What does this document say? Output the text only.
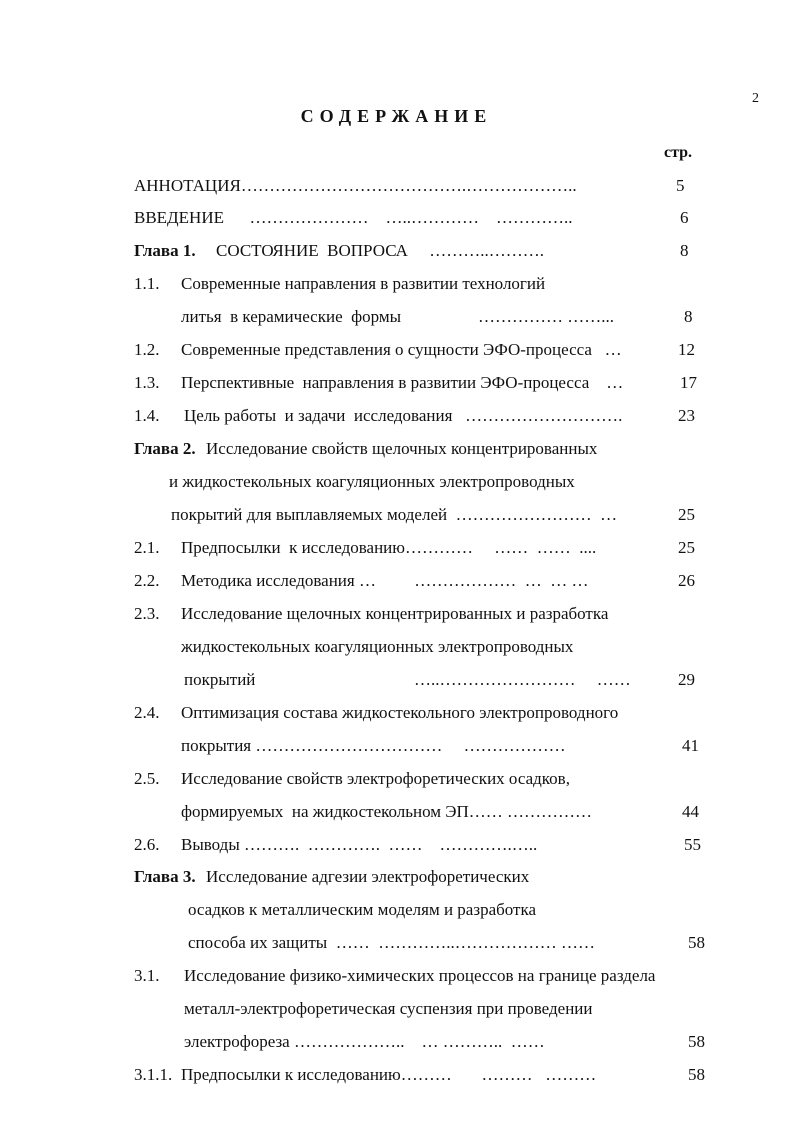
2
СОДЕРЖАНИЕ
стр.
АННОТАЦИЯ………………………………….………………..	5
ВВЕДЕНИЕ      …………………    …..…………    …………..	6
Глава 1. СОСТОЯНИЕ  ВОПРОСА     ………..……….	8
1.1. Современные направления в развитии технологий
литья  в керамические  формы	…………… ……...	8
1.2. Современные представления о сущности ЭФО-процесса   …	12
1.3. Перспективные  направления в развитии ЭФО-процесса    …	17
1.4. Цель работы  и задачи  исследования   ……………………….	23
Глава 2. Исследование свойств щелочных концентрированных
и жидкостекольных коагуляционных электропроводных
покрытий для выплавляемых моделей  ……………………  …	25
2.1. Предпосылки  к исследованию…………     ……  ……  ....	25
2.2. Методика исследования …         ………………  …  … …	26
2.3. Исследование щелочных концентрированных и разработка
жидкостекольных коагуляционных электропроводных
покрытий	…..……………………     ……	29
2.4. Оптимизация состава жидкостекольного электропроводного
покрытия ……………………………     ………………	41
2.5. Исследование свойств электрофоретических осадков,
формируемых  на жидкостекольном ЭП…… ……………	44
2.6. Выводы ……….  ………….  ……    ………….…..	55
Глава 3. Исследование адгезии электрофоретических
осадков к металлическим моделям и разработка
способа их защиты  ……  …………..……………… ……	58
3.1. Исследование физико-химических процессов на границе раздела
металл-электрофоретическая суспензия при проведении
электрофореза ………………..    … ………..  ……	58
3.1.1. Предпосылки к исследованию………       ………   ………	58
